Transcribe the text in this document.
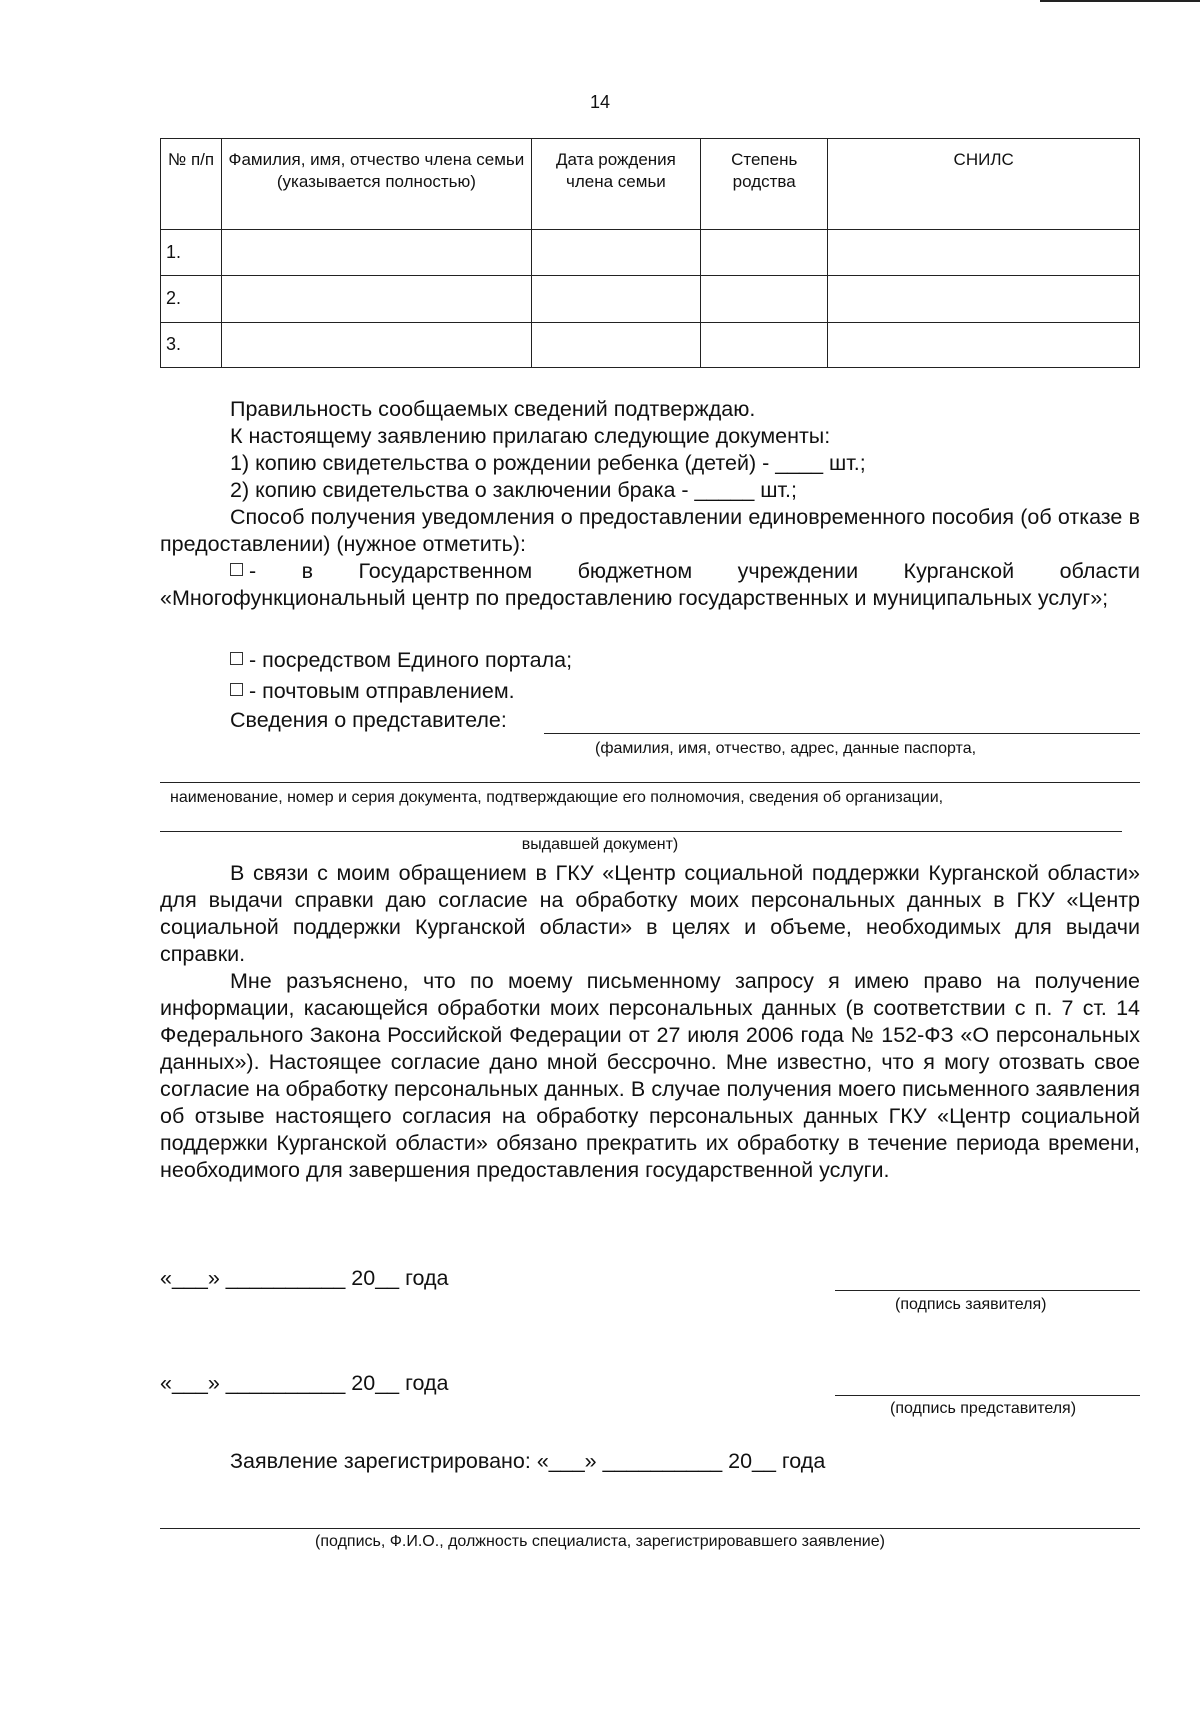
14
№ п/п	Фамилия, имя, отчество члена семьи (указывается полностью)	Дата рождения члена семьи	Степень родства	СНИЛС
1.				
2.				
3.				
Правильность сообщаемых сведений подтверждаю.
К настоящему заявлению прилагаю следующие документы:
1) копию свидетельства о рождении ребенка (детей) - ____ шт.;
2) копию свидетельства о заключении брака - _____ шт.;
Способ получения уведомления о предоставлении единовременного пособия (об отказе в предоставлении) (нужное отметить):
- в Государственном бюджетном учреждении Курганской области «Многофункциональный центр по предоставлению государственных и муниципальных услуг»;
- посредством Единого портала;
- почтовым отправлением.
Сведения о представителе:
(фамилия, имя, отчество, адрес, данные паспорта,
наименование, номер и серия документа, подтверждающие его полномочия, сведения об организации,
выдавшей документ)
В связи с моим обращением в ГКУ «Центр социальной поддержки Курганской области» для выдачи справки даю согласие на обработку моих персональных данных в ГКУ «Центр социальной поддержки Курганской области» в целях и объеме, необходимых для выдачи справки.
Мне разъяснено, что по моему письменному запросу я имею право на получение информации, касающейся обработки моих персональных данных (в соответствии с п. 7 ст. 14 Федерального Закона Российской Федерации от 27 июля 2006 года № 152-ФЗ «О персональных данных»). Настоящее согласие дано мной бессрочно. Мне известно, что я могу отозвать свое согласие на обработку персональных данных. В случае получения моего письменного заявления об отзыве настоящего согласия на обработку персональных данных ГКУ «Центр социальной поддержки Курганской области» обязано прекратить их обработку в течение периода времени, необходимого для завершения предоставления государственной услуги.
«___» __________ 20__ года
(подпись заявителя)
«___» __________ 20__ года
(подпись представителя)
Заявление зарегистрировано: «___» __________ 20__ года
(подпись, Ф.И.О., должность специалиста, зарегистрировавшего заявление)
